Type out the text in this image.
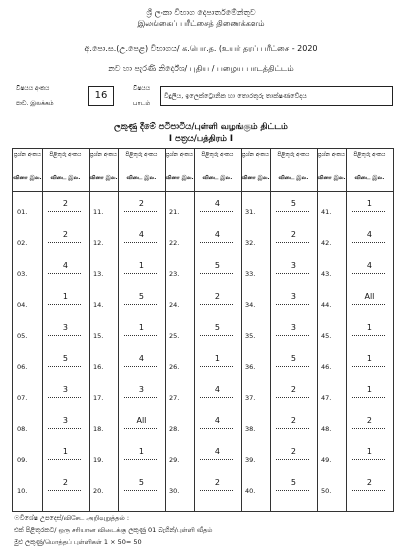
ශ්‍රී ලංකා විභාග දෙපාර්තමේන්තුව
இலங்கைப் பரீட்சைத் திணைக்களம்
අ.පො.ස.(උ.පෙළ) විභාගය/ க.பொ.த. (உயர் தரப் பரீட்சை - 2020
නව හා පැරණි නිර්දේශ/ புதிய / பழைய பாடத்திட்டம்
විෂයය අංකය
පාඩ. இலக்கம்
16
විෂයය
பாடம்
විදුලිය, ඉලෙක්ට්‍රොනික හා තොරතුරු තාක්ෂණවේදය
ලකුණු දීමේ පටිපාටිය/புள்ளி வழங்கும் திட்டம்
I පත්‍රය/பத்திரம் I
ප්‍රශ්න අංකය
வினா இல.
පිළිතුරු අංකය
விடை இல.
01.
2
02.
2
03.
4
04.
1
05.
3
06.
5
07.
3
08.
3
09.
1
10.
2
ප්‍රශ්න අංකය
வினா இல.
පිළිතුරු අංකය
விடை இல.
11.
2
12.
4
13.
1
14.
5
15.
1
16.
4
17.
3
18.
All
19.
1
20.
5
ප්‍රශ්න අංකය
வினா இல.
පිළිතුරු අංකය
விடை இல.
21.
4
22.
4
23.
5
24.
2
25.
5
26.
1
27.
4
28.
4
29.
4
30.
2
ප්‍රශ්න අංකය
வினா இல.
පිළිතුරු අංකය
விடை இல.
31.
5
32.
2
33.
3
34.
3
35.
3
36.
5
37.
2
38.
2
39.
2
40.
5
ප්‍රශ්න අංකය
வினா இல.
පිළිතුරු අංකය
விடை இல.
41.
1
42.
4
43.
4
44.
All
45.
1
46.
1
47.
1
48.
2
49.
1
50.
2
☉විශේෂ උපදෙස්/விசேட அறிவுறுத்தல் :
එක් පිළිතුරකට/ ஒரு சரியான விடைக்கு ලකුණු 01 බැගින්/புள்ளி வீதம்
මුළු ලකුණු/மொத்தப் புள்ளிகள் 1 × 50= 50
